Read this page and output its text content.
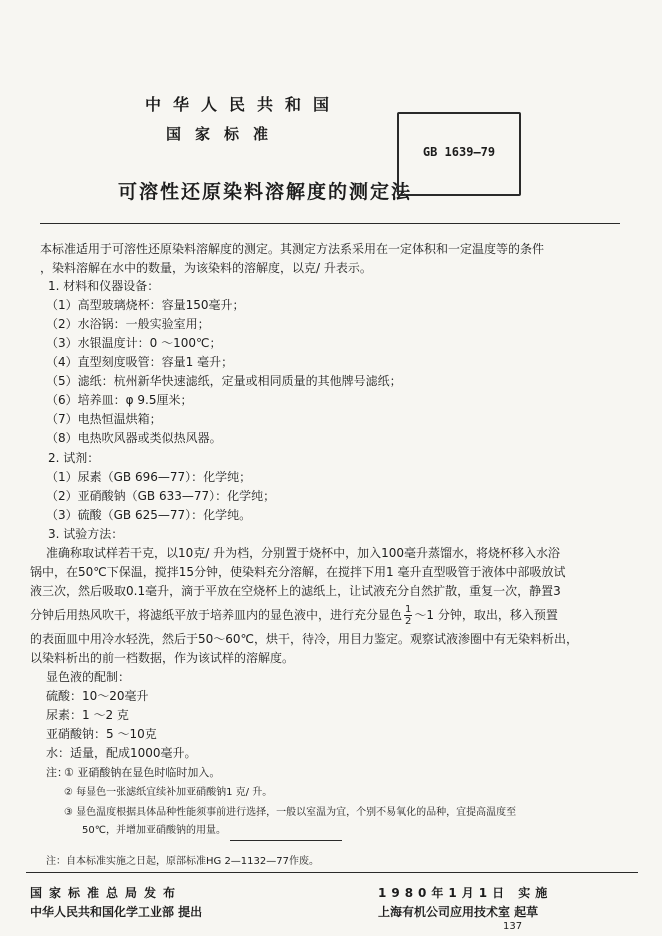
中华人民共和国
国家标准
可溶性还原染料溶解度的测定法
GB 1639—79
本标准适用于可溶性还原染料溶解度的测定。其测定方法系采用在一定体积和一定温度等的条件
，染料溶解在水中的数量，为该染料的溶解度，以克/ 升表示。
1. 材料和仪器设备：
（1）高型玻璃烧杯：容量150毫升；
（2）水浴锅：一般实验室用；
（3）水银温度计：0 ～100℃；
（4）直型刻度吸管：容量1 毫升；
（5）滤纸：杭州新华快速滤纸，定量或相同质量的其他牌号滤纸；
（6）培养皿：φ 9.5厘米；
（7）电热恒温烘箱；
（8）电热吹风器或类似热风器。
2. 试剂：
（1）尿素（GB 696—77）：化学纯；
（2）亚硝酸钠（GB 633—77）：化学纯；
（3）硫酸（GB 625—77）：化学纯。
3. 试验方法：
准确称取试样若干克，以10克/ 升为档，分别置于烧杯中，加入100毫升蒸馏水，将烧杯移入水浴
锅中，在50℃下保温，搅拌15分钟，使染料充分溶解，在搅拌下用1 毫升直型吸管于液体中部吸放试
液三次，然后吸取0.1毫升，滴于平放在空烧杯上的滤纸上，让试液充分自然扩散，重复一次，静置3
分钟后用热风吹干，将滤纸平放于培养皿内的显色液中，进行充分显色 $\frac{1}{2}$ ～1 分钟，取出，移入预置
的表面皿中用冷水轻洗，然后于50～60℃，烘干，待冷，用目力鉴定。观察试液渗圈中有无染料析出，
以染料析出的前一档数据，作为该试样的溶解度。
显色液的配制：
硫酸：10～20毫升
尿素：1 ～2 克
亚硝酸钠：5 ～10克
水：适量，配成1000毫升。
注：
① 亚硝酸钠在显色时临时加入。
② 每显色一张滤纸宜续补加亚硝酸钠1 克/ 升。
③ 显色温度根据具体品种性能须事前进行选择，一般以室温为宜，个别不易氧化的品种，宜提高温度至
50℃，并增加亚硝酸钠的用量。
注：自本标准实施之日起，原部标准HG 2—1132—77作废。
国家标准总局发布	1980年1月1日 实施
中华人民共和国化学工业部 提出	上海有机公司应用技术室 起草
137
